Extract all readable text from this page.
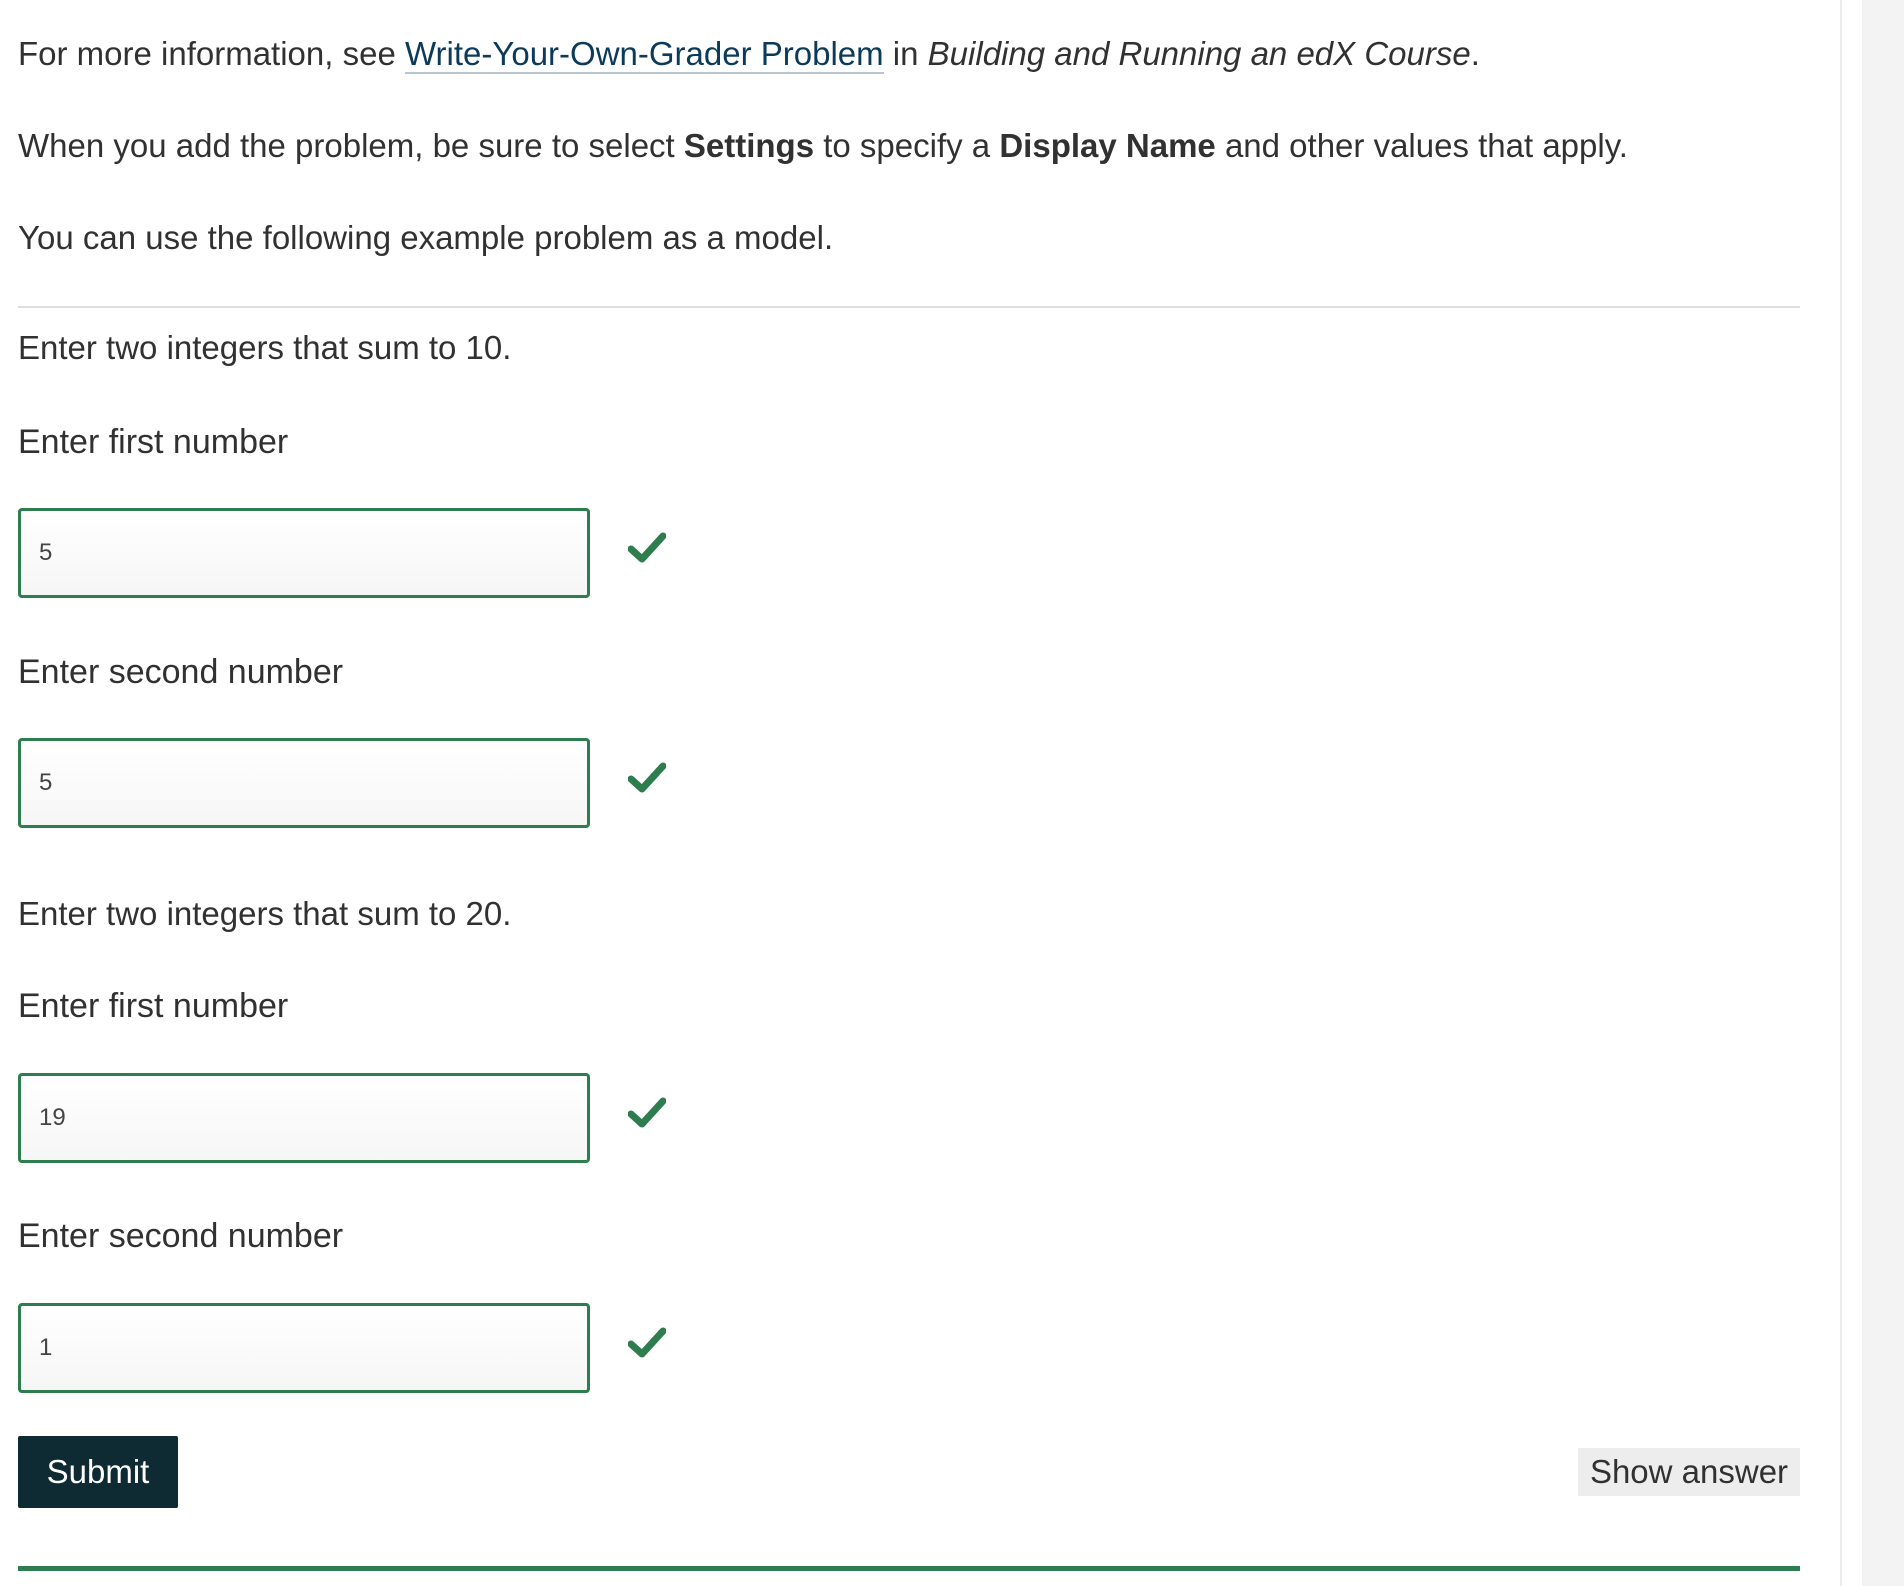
For more information, see Write-Your-Own-Grader Problem in Building and Running an edX Course.
When you add the problem, be sure to select Settings to specify a Display Name and other values that apply.
You can use the following example problem as a model.
Enter two integers that sum to 10.
Enter first number
5
Enter second number
5
Enter two integers that sum to 20.
Enter first number
19
Enter second number
1
Submit	Show answer
